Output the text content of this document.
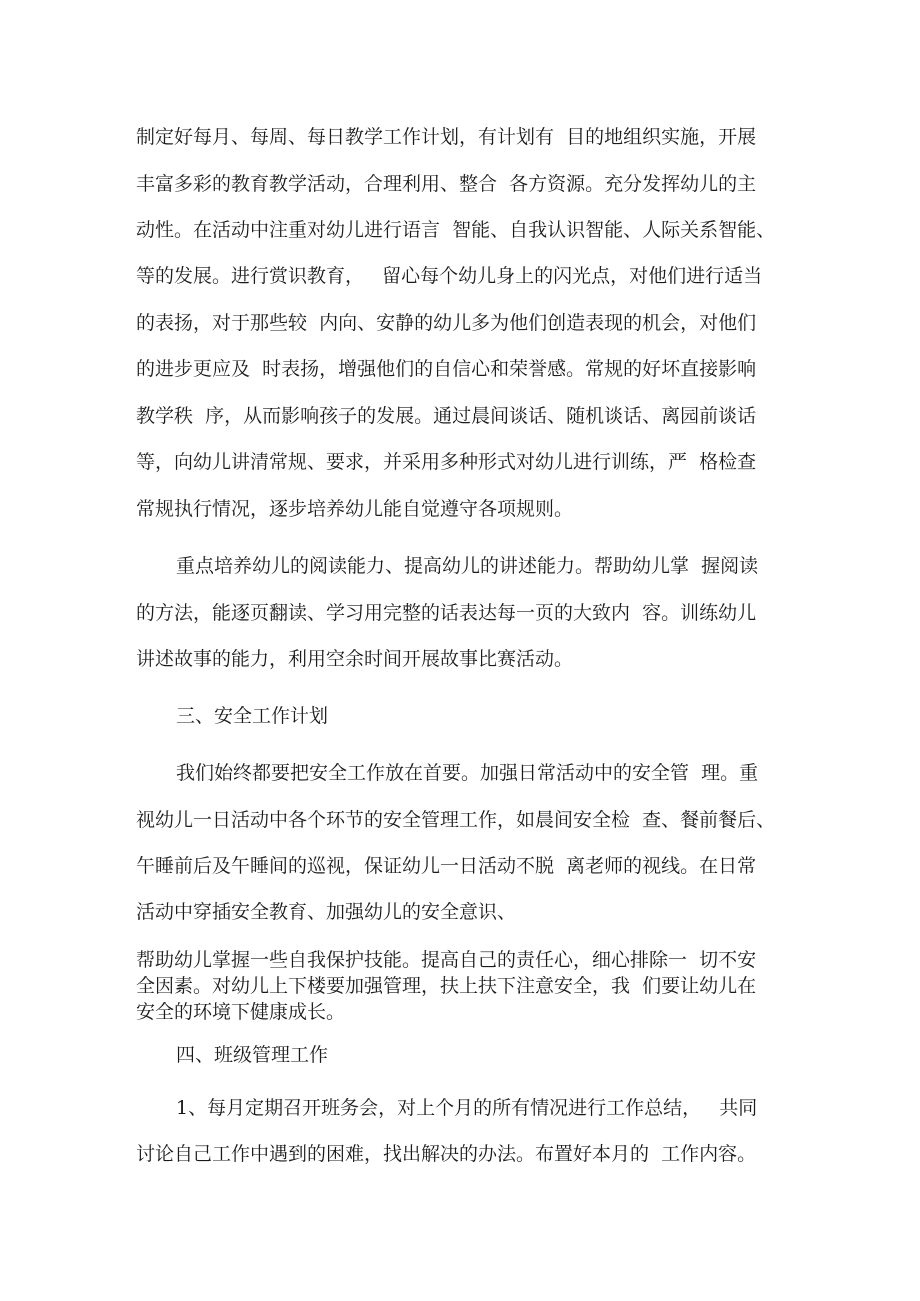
制定好每月、每周、每日教学工作计划，有计划有  目的地组织实施，开展
丰富多彩的教育教学活动，合理利用、整合  各方资源。充分发挥幼儿的主
动性。在活动中注重对幼儿进行语言  智能、自我认识智能、人际关系智能、
等的发展。进行赏识教育，   留心每个幼儿身上的闪光点，对他们进行适当
的表扬，对于那些较  内向、安静的幼儿多为他们创造表现的机会，对他们
的进步更应及  时表扬，增强他们的自信心和荣誉感。常规的好坏直接影响
教学秩  序，从而影响孩子的发展。通过晨间谈话、随机谈话、离园前谈话
等，向幼儿讲清常规、要求，并采用多种形式对幼儿进行训练，严  格检查
常规执行情况，逐步培养幼儿能自觉遵守各项规则。
重点培养幼儿的阅读能力、提高幼儿的讲述能力。帮助幼儿掌  握阅读
的方法，能逐页翻读、学习用完整的话表达每一页的大致内  容。训练幼儿
讲述故事的能力，利用空余时间开展故事比赛活动。
三、安全工作计划
我们始终都要把安全工作放在首要。加强日常活动中的安全管  理。重
视幼儿一日活动中各个环节的安全管理工作，如晨间安全检  查、餐前餐后、
午睡前后及午睡间的巡视，保证幼儿一日活动不脱  离老师的视线。在日常
活动中穿插安全教育、加强幼儿的安全意识、
帮助幼儿掌握一些自我保护技能。提高自己的责任心，细心排除一  切不安
全因素。对幼儿上下楼要加强管理，扶上扶下注意安全，我  们要让幼儿在
安全的环境下健康成长。
四、班级管理工作
1、每月定期召开班务会，对上个月的所有情况进行工作总结，   共同
讨论自己工作中遇到的困难，找出解决的办法。布置好本月的  工作内容。
